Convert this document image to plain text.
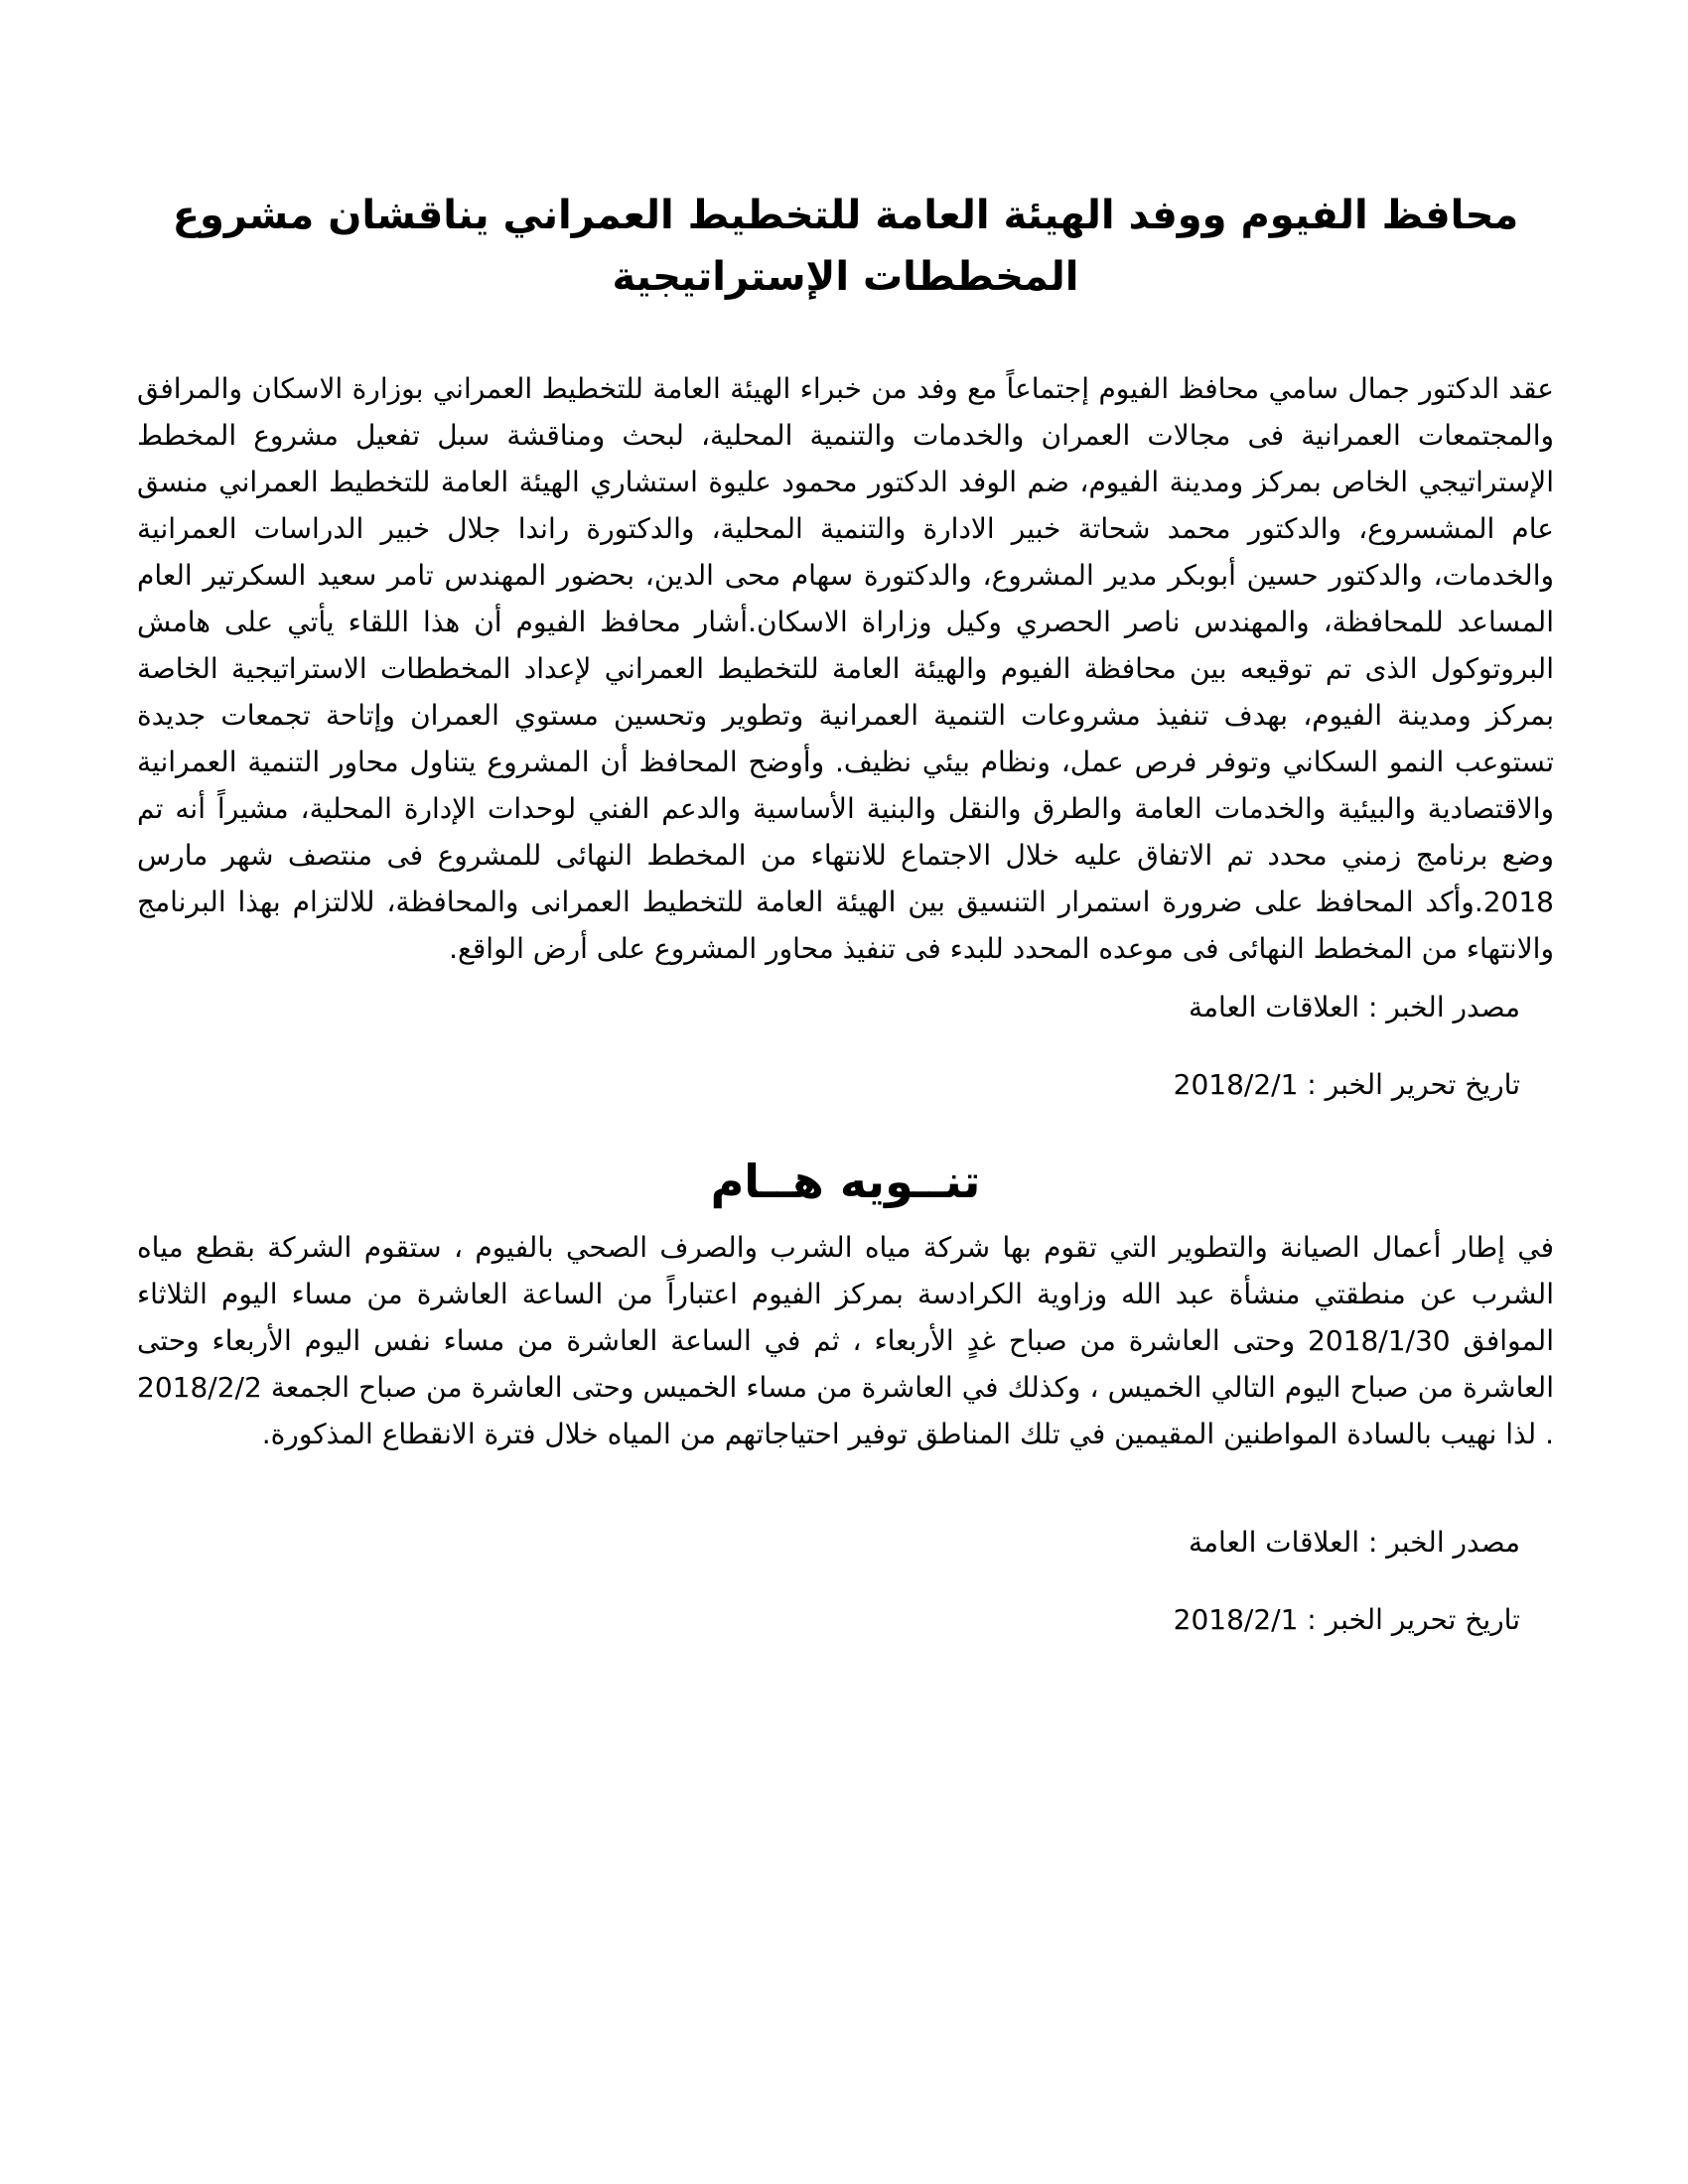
محافظ الفيوم ووفد الهيئة العامة للتخطيط العمراني يناقشان مشروع المخططات الإستراتيجية

عقد الدكتور جمال سامي محافظ الفيوم إجتماعاً مع وفد من خبراء الهيئة العامة للتخطيط العمراني بوزارة الاسكان والمرافق والمجتمعات العمرانية فى مجالات العمران والخدمات والتنمية المحلية، لبحث ومناقشة سبل تفعيل مشروع المخطط الإستراتيجي الخاص بمركز ومدينة الفيوم، ضم الوفد الدكتور محمود عليوة استشاري الهيئة العامة للتخطيط العمراني منسق عام المشسروع، والدكتور محمد شحاتة خبير الادارة والتنمية المحلية، والدكتورة راندا جلال خبير الدراسات العمرانية والخدمات، والدكتور حسين أبوبكر مدير المشروع، والدكتورة سهام محى الدين، بحضور المهندس تامر سعيد السكرتير العام المساعد للمحافظة، والمهندس ناصر الحصري وكيل وزاراة الاسكان.أشار محافظ الفيوم أن هذا اللقاء يأتي على هامش البروتوكول الذى تم توقيعه بين محافظة الفيوم والهيئة العامة للتخطيط العمراني لإعداد المخططات الاستراتيجية الخاصة بمركز ومدينة الفيوم، بهدف تنفيذ مشروعات التنمية العمرانية وتطوير وتحسين مستوي العمران وإتاحة تجمعات جديدة تستوعب النمو السكاني وتوفر فرص عمل، ونظام بيئي نظيف. وأوضح المحافظ أن المشروع يتناول محاور التنمية العمرانية والاقتصادية والبيئية والخدمات العامة والطرق والنقل والبنية الأساسية والدعم الفني لوحدات الإدارة المحلية، مشيراً أنه تم وضع برنامج زمني محدد تم الاتفاق عليه خلال الاجتماع للانتهاء من المخطط النهائى للمشروع فى منتصف شهر مارس 2018.وأكد المحافظ على ضرورة استمرار التنسيق بين الهيئة العامة للتخطيط العمرانى والمحافظة، للالتزام بهذا البرنامج والانتهاء من المخطط النهائى فى موعده المحدد للبدء فى تنفيذ محاور المشروع على أرض الواقع.

مصدر الخبر : العلاقات العامة

تاريخ تحرير الخبر : 2018/2/1

تنــويه هــام

في إطار أعمال الصيانة والتطوير التي تقوم بها شركة مياه الشرب والصرف الصحي بالفيوم ، ستقوم الشركة بقطع مياه الشرب عن منطقتي منشأة عبد الله وزاوية الكرادسة بمركز الفيوم اعتباراً من الساعة العاشرة من مساء اليوم الثلاثاء الموافق 2018/1/30 وحتى العاشرة من صباح غدٍ الأربعاء ، ثم في الساعة العاشرة من مساء نفس اليوم الأربعاء وحتى العاشرة من صباح اليوم التالي الخميس ، وكذلك في العاشرة من مساء الخميس وحتى العاشرة من صباح الجمعة 2018/2/2 . لذا نهيب بالسادة المواطنين المقيمين في تلك المناطق توفير احتياجاتهم من المياه خلال فترة الانقطاع المذكورة.

مصدر الخبر : العلاقات العامة

تاريخ تحرير الخبر : 2018/2/1
